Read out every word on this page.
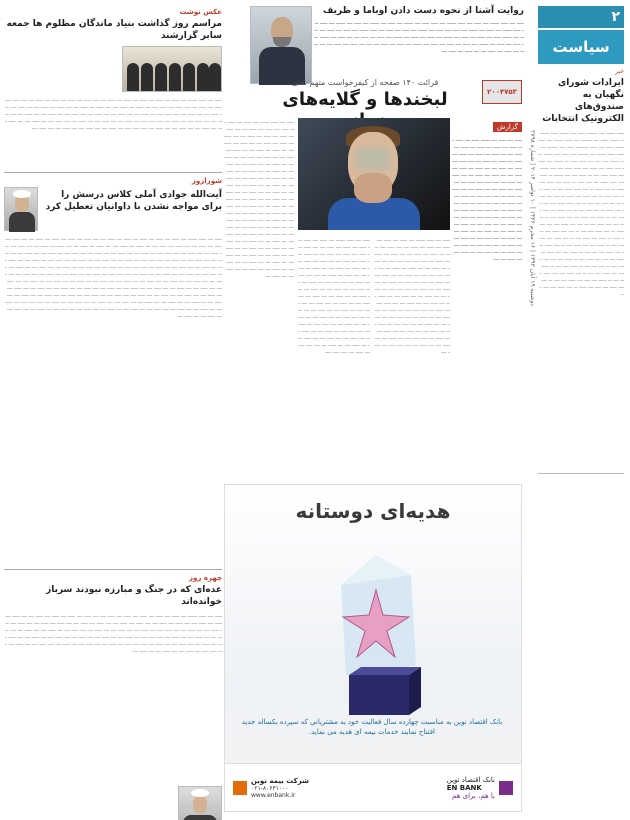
۲
سیاست
خبر
ایرادات شورای نگهبان به صندوق‌های الکترونیک انتخابات
ــــ ـــــ ـــ ــــــ ــــ ـــ ـــــ ــــ ـــــ ــ ـــــ ــــ ـــ ــــــ ـــ ــــ ـــــ ـــ ــــ ـــــ ــــ ـــ ــــ ـــــــ ــــ ـــ ــــــ ـــ ــــ ــــ ـــــ ـــ ــــــ ـــ ــــ ـــ ـــــ ــــ ـــــ ـــ ـــ ـــ ــــ ــــ ــ ـــــ ـــ ـــــ ـــ ــــ ـــ ــــ ـــ ــــ ــــ ـــ ـــ ـــــ ـــ ــــ ــــ ـــ ــ ــــ ـــ ـــ ـــــ ــ ــــ ـــ ــــ ــــ ـــ ـــ ــــ ــ ــــ ـــ ــــ ـــ ــــ ــ ـــ ــــ ــ ـــ ــــ ــــ ـــ ــ ــــ ـــ ـــ ــــ ــ ـــ ــــ ـــ ــــ ــ ـــ ـــ ــــ ــ ـــ ـــ ـــ ـــ ــ ـــ ــــ ــــ ـــ ـــ ــ ـــ ــــ ــ ـــ ـــ ـــ ــ ـــ ــــ ـــ ـــ ــــ ـــ ــ ــــ ـــ ــــ ـــ ـــ ــــ ـــ ــ ــــ ـــ ـــ ــــ ـــ ــ ـــ ـــ ــــ ـــ ـــ ـــ ــــ ــ ـــ ــــ ـــ ـــ ــ ـــ ـــ ــــ ـــ ـــ ــــ ــ ــــ ـــ ــــ ـــ ــ ـــ ــــ ـــ ـــ ـــ ـــ ــ ــــ ـــ ـــ ــــ ـــ ــ ـــ ــــ ـــ ـــ ــــ ـــ ـــ ـــ ــ ــــ ـــ ـــ ــــ ــ ــــ ـــ ـــ ـــ ــــ ـــ ــ ــــ ـــ ـــ ـــ ــــ ـــ ــ ـــ ـــ ـــ ــ ــــ ـــ ـــ ــ ــــ ـــ ـــ ــــ ـــ ـــ ــ ـــ ــــ ـــ ـــ ــــ ـــ ـــ ــ ــــ ـــ ـــ ـــ ــــ ـــ ـــ ــ ـــ ـــ ــــ ـــ ـــ ـــ ــــ ــ ـــ ــــ ـــ ـــ ـــ
دوشنبه ۱۹ آبان ۱۳۹۳ | ۱۶ محرم ۱۴۳۶ | ۱۰ نوامبر ۲۰۱۴ | شماره ۲۷۹۸
روایت آشنا از نحوه دست دادن اوباما و ظریف
ــــ ـــ ــــ ـــــ ـــ ــــ ـــ ــــ ـــــ ـــ ــــ ــــ ـــ ـــــ ـــ ــــ ـــ ـــــ ـــ ــــ ـــ ـــــ ـــ ــــ ـــ ــــ ـــــ ـــ ــــ ـــ ـــــ ـــ ــــ ـــ ــــ ـــ ـــــ ـــ ــــ ـــ ــــ ـــ ــــ ـــــ ـــ ــــ ـــ ــــ ـــ ــــ ـــ ـــــ ــــ ـــ ــــ ـــ ــــ ـــ ـــــ ـــ ــــ ـــ ــــ ـــ ـــــ ـــ ــــ ـــ ــــ ـــ ـــ ــــ ـــ ـــــ ـــ ــــ ـــ ــــ ـــ ـــــ ـــ ــــ ـــ ــــ ـــ ــــ ـــ ـــــ ـــ ــــ ـــ ــــ ـــ ـــ ـــ ــــ ـــ ــــ ـــ ـــ ــــ ـــ ــــ ـــ ــــ ـــ ـــ ــــ ـــ ــــ ـــ
۲۰۰۴۷۵۳
قرائت ۱۴۰ صفحه از کیفرخواست متهم نفتی
لبخندها و گلایه‌های
گزارش
ــــ ـــ ــــ ـــ ـــــ ــــ ـــ ــــ ـــ ــــ ـــ ــــ ـــ ــــ ـــ ــــ ـــ ــــ ـــ ـــ ــــ ـــ ــــ ـــ ــــ ـــ ــــ ـــ ــــ ـــ ــــ ـــ ـــ ــــ ـــ ــــ ـــ ــــ ـــ ـــ ــــ ـــ ــــ ـــ ــــ ـــ ـــ ــــ ـــ ــــ ـــ ـــ ــــ ـــ ــــ ـــ ـــ ــــ ـــ ــــ ـــ ـــ ــــ ـــ ــــ ـــ ـــ ــــ ـــ ـــ ــــ ـــ ــــ ـــ ـــ ــــ ـــ ـــ ــــ ـــ ـــ ــــ ـــ ـــ ــــ ـــ ـــ ــــ ـــ ـــ ــــ ـــ ـــ ــــ ـــ ـــ ــــ ـــ ـــ ــــ ـــ ـــ ــــ ـــ ـــ ــــ ـــ ـــ ــــ ـــ ـــ ــــ ـــ ـــ ــــ ـــ ـــ ــــ ـــ ـــ ــــ ـــ ـــ ــــ ـــ ـــ ــــ ـــ ـــ ــــ ـــ ـــ ــــ ـــ ـــ ــــ ـــ ـــ ــــ ـــ ـــ ــــ ـــ ـــ ــــ ـــ ـــ ــــ ـــ ـــ ــــ ـــ ـــ ــــ ـــ ـــ
ــــ ـــ ــــ ـــــ ـــ ــــ ـــ ــــ ـــ ــــ ـــ ــــ ـــ ــــ ـــ ـــ ــــ ـــ ــــ ـــ ــــ ـــ ــــ ـــ ـــ ــــ ـــ ــــ ـــ ــــ ـــ ـــ ــــ ـــ ــــ ـــ ـــ ــــ ـــ ــــ ـــ ـــ ــــ ـــ ــــ ـــ ـــ ــــ ـــ ــــ ـــ ـــ ــــ ـــ ـــ ــــ ـــ ـــ ــــ ـــ ـــ ــــ ـــ ـــ ــــ ـــ ـــ ــــ ـــ ـــ ــــ ـــ ـــ ــــ ـــ ـــ ــــ ـــ ـــ ــــ ـــ ـــ ــــ ـــ ـــ ــــ ـــ ـــ ــــ ـــ ـــ ــــ ـــ ـــ ــــ ـــ ـــ ــــ ـــ ـــ ــــ ـــ ـــ ــــ ـــ ـــ ــــ ـــ ـــ ــــ ـــ ـــ ــــ ـــ ـــ ــــ ـــ ـــ ــــ ـــ ـــ ــــ ـــ ـــ ــــ ـــ ـــ ــــ ـــ ـــ ــــ ـــ ـــ ــــ ـــ ـــ ــــ ـــ ـــ ــــ ـــ ـــ ــــ ـــ ـــ ــــ ـــ ـــ ــــ ـــ ـــ ــــ ـــ ـــ ــــ ـــ
ــــ ـــ ــــ ـــــ ـــ ــــ ـــ ــــ ـــ ــــ ـــ ــــ ـــ ــــ ـــ ـــ ــــ ـــ ــــ ـــ ــــ ـــ ــــ ـــ ـــ ــــ ـــ ــــ ـــ ــــ ـــ ـــ ــــ ـــ ــــ ـــ ـــ ــــ ـــ ــــ ـــ ـــ ــــ ـــ ــــ ـــ ـــ ــــ ـــ ــــ ـــ ـــ ــــ ـــ ـــ ــــ ـــ ـــ ــــ ـــ ـــ ــــ ـــ ـــ ــــ ـــ ـــ ــــ ـــ ـــ ــــ ـــ ـــ ــــ ـــ ـــ ــــ ـــ ـــ ــــ ـــ ـــ ــــ ـــ ـــ ــــ ـــ ـــ ــــ ـــ ـــ ــــ ـــ ـــ ــــ ـــ ـــ ــــ ـــ ـــ ــــ ـــ ـــ ــــ ـــ ـــ ــــ ـــ ـــ ــــ ـــ ـــ ــــ ـــ ـــ ــــ ـــ ـــ ــــ ـــ ـــ ــــ ـــ ـــ ــــ ـــ ـــ ــــ ـــ ـــ ــــ ـــ ـــ ــــ ـــ ـــ ــــ ـــ ـــ ــــ ـــ ـــ ــــ ـــ ـــ ــــ ـــ ـــ ــــ ـــ ـــ ــــ ـــ
ــــ ـــ ــــ ـــــ ـــ ــــ ـــ ــــ ـــ ــــ ـــ ــــ ـــ ــــ ـــ ـــ ــــ ـــ ــــ ـــ ــــ ـــ ــــ ـــ ـــ ــــ ـــ ــــ ـــ ــــ ـــ ـــ ــــ ـــ ــــ ـــ ـــ ــــ ـــ ــــ ـــ ـــ ــــ ـــ ــــ ـــ ـــ ــــ ـــ ــــ ـــ ـــ ــــ ـــ ـــ ــــ ـــ ـــ ــــ ـــ ـــ ــــ ـــ ـــ ــــ ـــ ـــ ــــ ـــ ـــ ــــ ـــ ـــ ــــ ـــ ـــ ــــ ـــ ـــ ــــ ـــ ـــ ــــ ـــ ـــ ــــ ـــ ـــ ــــ ـــ ـــ ــــ ـــ ـــ ــــ ـــ ـــ ــــ ـــ ـــ ــــ ـــ ـــ ــــ ـــ ـــ ــــ ـــ ـــ ــــ ـــ ـــ ــــ ـــ ـــ ــــ ـــ ـــ ــــ ـــ ـــ ــــ ـــ ـــ ــــ ـــ ـــ ــــ ـــ ـــ ــــ ـــ ـــ ــــ ـــ ـــ ــــ ـــ ـــ ــــ ـــ ـــ ــــ ـــ ـــ ــــ ـــ ـــ ــــ ـــ ـــ ــــ ـــ ـــ ــــ ـــ ـــ ــــ ـــ ـــ ــــ ـــ ـــ ــــ ـــ ـــ ــــ ـــ ـــ ــــ ـــ ـــ ــــ ـــ ـــ ــــ ـــ ـــ ــــ ـــ ـــ ــــ ـــ ـــ ــــ ـــ ـــ ــــ ـــ ـــ ــــ ـــ ـــ ــــ ـــ ـــ ــــ ـــ ـــ ــــ ـــ
هدیه‌ای دوستانه
بانک اقتصاد نوین به مناسبت چهارده سال فعالیت خود به مشتریانی که سپرده یکساله جدید افتتاح نمایند خدمات بیمه ای هدیه می نماید.
بانک اقتصاد نوین
EN BANK
با هم، برای هم
شرکت بیمه نوین
۰۲۱-۸۰۶۳۱۰۰۰
www.enbank.ir
عکس نوشت
مراسم روز گذاشت بنیاد ماندگان مظلوم ها جمعه سابر گزارشند
ــــ ـــ ــــ ـــــ ـــ ــــ ـــ ــــ ـــ ــــ ـــ ــــ ـــ ــــ ـــ ـــ ــــ ـــ ــــ ـــ ــــ ـــ ــــ ـــ ـــ ــــ ـــ ــــ ـــ ــــ ـــ ـــ ــــ ـــ ــــ ـــ ـــ ــــ ـــ ــــ ـــ ـــ ــــ ـــ ــــ ـــ ـــ ــــ ـــ ــــ ـــ ـــ ــــ ـــ ـــ ــــ ـــ ـــ ــــ ـــ ـــ ــــ ـــ ـــ ــــ ـــ ـــ ــــ ـــ ـــ ــــ ـــ ـــ ــــ ـــ ـــ ــــ ـــ ـــ ــــ ـــ ـــ ــــ ـــ ـــ ــــ ـــ ـــ ــــ ـــ ـــ ــــ ـــ ـــ ــــ ـــ ـــ ــــ ـــ ـــ ــــ ـــ ـــ ــــ ـــ ـــ ــــ ـــ ـــ ــــ ـــ ـــ ــــ ـــ ـــ ــــ ـــ ـــ ــــ ـــ ـــ ــــ ـــ ـــ ــــ ـــ ـــ ــــ ـــ ـــ ــــ ـــ ـــ ــــ ـــ
شوراروز
آیت‌الله جوادی آملی کلاس درسش را برای مواجه نشدن با داوانیان تعطیل کرد
ــــ ـــ ــــ ـــــ ـــ ــــ ـــ ــــ ـــ ــــ ـــ ــــ ـــ ــــ ـــ ـــ ــــ ـــ ــــ ـــ ــــ ـــ ــــ ـــ ـــ ــــ ـــ ــــ ـــ ــــ ـــ ـــ ــــ ـــ ــــ ـــ ـــ ــــ ـــ ــــ ـــ ـــ ــــ ـــ ــــ ـــ ـــ ــــ ـــ ــــ ـــ ـــ ــــ ـــ ـــ ــــ ـــ ـــ ــــ ـــ ـــ ــــ ـــ ـــ ــــ ـــ ـــ ــــ ـــ ـــ ــــ ـــ ـــ ــــ ـــ ـــ ــــ ـــ ـــ ــــ ـــ ـــ ــــ ـــ ـــ ــــ ـــ ـــ ــــ ـــ ـــ ــــ ـــ ـــ ــــ ـــ ـــ ــــ ـــ ـــ ــــ ـــ ـــ ــــ ـــ ـــ ــــ ـــ ـــ ــــ ـــ ـــ ــــ ـــ ـــ ــــ ـــ ـــ ــــ ـــ ـــ ــــ ـــ ـــ ــــ ـــ ـــ ــــ ـــ ـــ ــــ ـــ ـــ ــــ ـــ ـــ ــــ ـــ ـــ ــــ ـــ ـــ ــــ ـــ ـــ ــــ ـــ ـــ ــــ ـــ ـــ ــــ ـــ ـــ ــــ ـــ ـــ ــــ ـــ ـــ ــــ ـــ ـــ ــــ ـــ ـــ ــــ ـــ ـــ ــــ ـــ ـــ ــــ ـــ ـــ ــــ ـــ ـــ ــــ ـــ ـــ ــــ ـــ ـــ ــــ ـــ ـــ ــــ ـــ ـــ ــــ ـــ ـــ ــــ ـــ ـــ ــــ ـــ ـــ ــــ ـــ ـــ ــــ ـــ ـــ ــــ ـــ ـــ ــــ ـــ ـــ ــــ ـــ ـــ ــــ ـــ ـــ ــــ ـــ ـــ ــــ ـــ ـــ ــــ ـــ ـــ ــــ ـــ ـــ ــــ ـــ ـــ ــــ ـــ ـــ ــــ ـــ ـــ ــــ ـــ ـــ ــــ ـــ ـــ ــــ ـــ ـــ ــــ ـــ ـــ ــــ ـــ ـــ ــــ ـــ ـــ ــــ ـــ ـــ ــــ ـــ ـــ ــــ ـــ ـــ ــــ ـــ ـــ ــــ ـــ ـــ ــــ ـــ ـــ ــــ ـــ ـــ ــــ ـــ ـــ ــــ ـــ ـــ ــــ ـــ ـــ ــــ ـــ ـــ ــــ ـــ ـــ ــــ ـــ ـــ ــــ ـــ ـــ ــــ ـــ ـــ ــــ ـــ ـــ ــــ ـــ ـــ ــــ ـــ ـــ ــــ ـــ
چهره روز
عده‌ای که در جنگ و مبارزه نبودند سرباز خوانده‌اند
ــــ ـــ ــــ ـــــ ـــ ــــ ـــ ــــ ـــ ــــ ـــ ــــ ـــ ــــ ـــ ـــ ــــ ـــ ــــ ـــ ــــ ـــ ــــ ـــ ـــ ــــ ـــ ــــ ـــ ــــ ـــ ـــ ــــ ـــ ــــ ـــ ـــ ــــ ـــ ــــ ـــ ـــ ــــ ـــ ــــ ـــ ـــ ــــ ـــ ــــ ـــ ـــ ــــ ـــ ـــ ــــ ـــ ـــ ــــ ـــ ـــ ــــ ـــ ـــ ــــ ـــ ـــ ــــ ـــ ـــ ــــ ـــ ـــ ــــ ـــ ـــ ــــ ـــ ـــ ــــ ـــ ـــ ــــ ـــ ـــ ــــ ـــ ـــ ــــ ـــ ـــ ــــ ـــ ـــ ــــ ـــ ـــ ــــ ـــ ـــ ــــ ـــ ـــ ــــ ـــ ـــ ــــ ـــ ـــ ــــ ـــ ـــ ــــ ـــ ـــ ــــ ـــ ـــ ــــ ـــ ـــ ــــ ـــ ـــ ــــ ـــ ـــ ــــ ـــ ـــ ــــ ـــ ـــ ــــ ـــ ـــ ــــ ـــ ـــ ــــ ـــ ـــ ــــ ـــ ـــ ــــ ـــ ـــ ــــ ـــ
